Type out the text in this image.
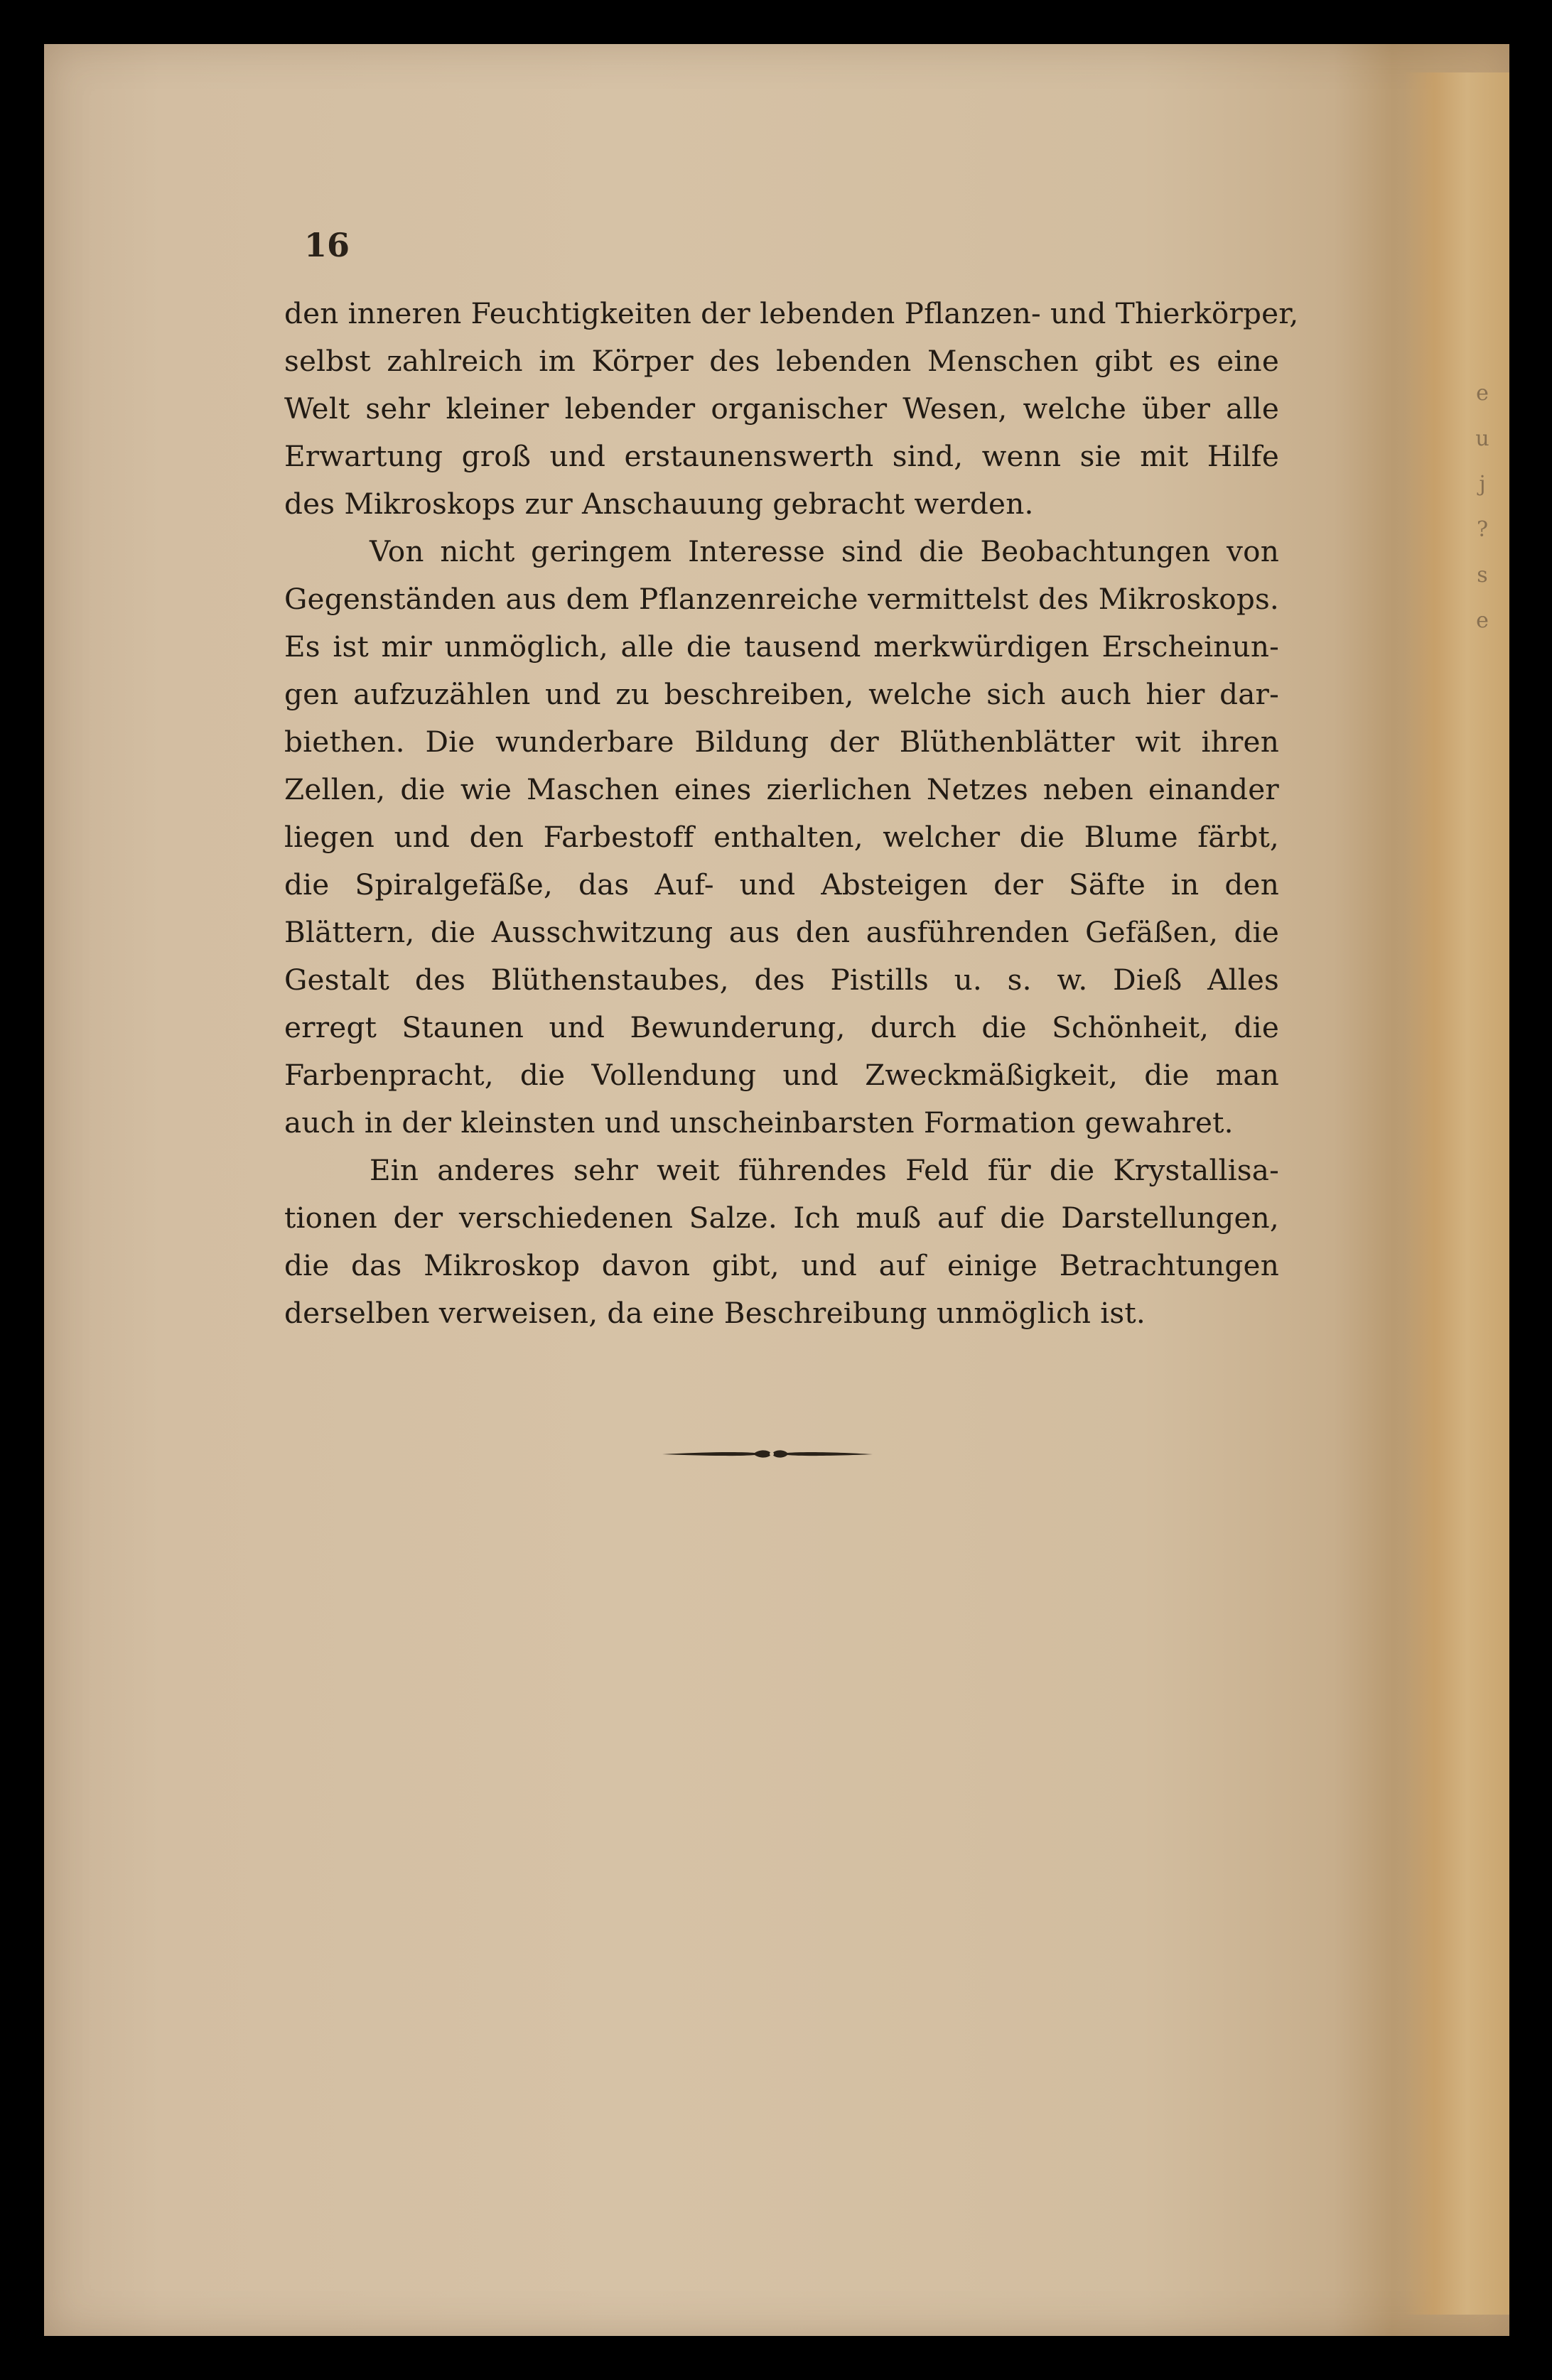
e
u
j
?
s
e
16
den inneren Feuchtigkeiten der lebenden Pflanzen- und Thierkörper,
selbst zahlreich im Körper des lebenden Menschen gibt es eine
Welt sehr kleiner lebender organischer Wesen, welche über alle
Erwartung groß und erstaunenswerth sind, wenn sie mit Hilfe
des Mikroskops zur Anschauung gebracht werden.
Von nicht geringem Interesse sind die Beobachtungen von
Gegenständen aus dem Pflanzenreiche vermittelst des Mikroskops.
Es ist mir unmöglich, alle die tausend merkwürdigen Erscheinun-
gen aufzuzählen und zu beschreiben, welche sich auch hier dar-
biethen. Die wunderbare Bildung der Blüthenblätter wit ihren
Zellen, die wie Maschen eines zierlichen Netzes neben einander
liegen und den Farbestoff enthalten, welcher die Blume färbt,
die Spiralgefäße, das Auf- und Absteigen der Säfte in den
Blättern, die Ausschwitzung aus den ausführenden Gefäßen, die
Gestalt des Blüthenstaubes, des Pistills u. s. w. Dieß Alles
erregt Staunen und Bewunderung, durch die Schönheit, die
Farbenpracht, die Vollendung und Zweckmäßigkeit, die man
auch in der kleinsten und unscheinbarsten Formation gewahret.
Ein anderes sehr weit führendes Feld für die Krystallisa-
tionen der verschiedenen Salze. Ich muß auf die Darstellungen,
die das Mikroskop davon gibt, und auf einige Betrachtungen
derselben verweisen, da eine Beschreibung unmöglich ist.
